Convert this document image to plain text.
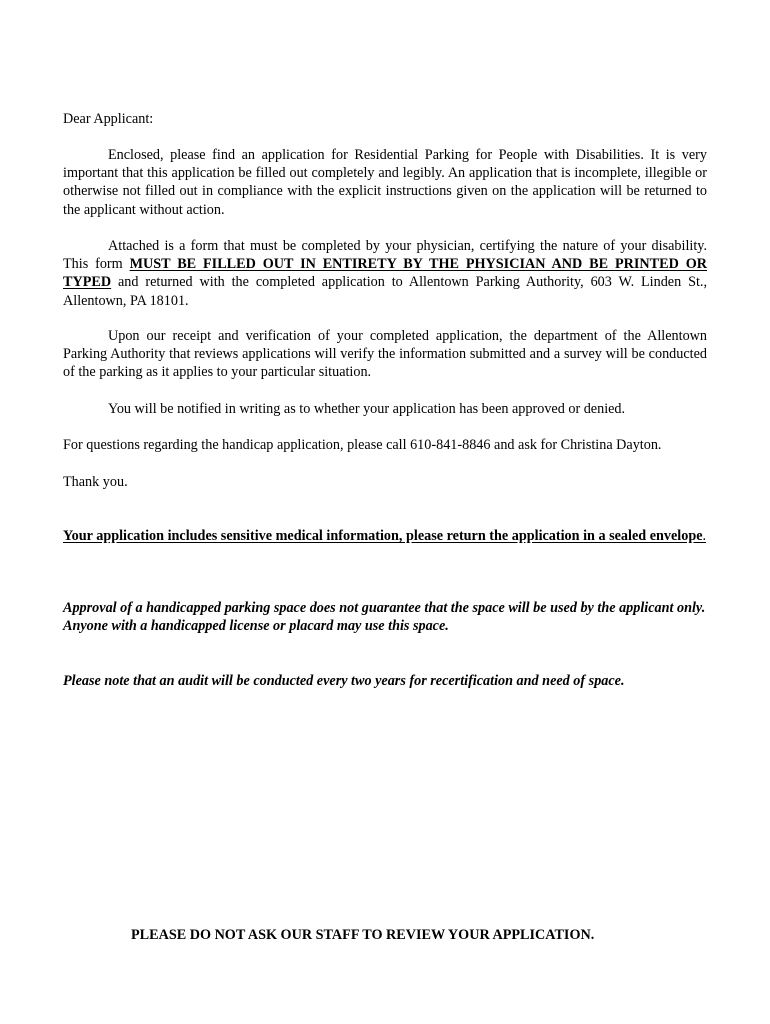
Dear Applicant:

Enclosed, please find an application for Residential Parking for People with Disabilities. It is very important that this application be filled out completely and legibly. An application that is incomplete, illegible or otherwise not filled out in compliance with the explicit instructions given on the application will be returned to the applicant without action.

Attached is a form that must be completed by your physician, certifying the nature of your disability. This form MUST BE FILLED OUT IN ENTIRETY BY THE PHYSICIAN AND BE PRINTED OR TYPED and returned with the completed application to Allentown Parking Authority, 603 W. Linden St., Allentown, PA 18101.

Upon our receipt and verification of your completed application, the department of the Allentown Parking Authority that reviews applications will verify the information submitted and a survey will be conducted of the parking as it applies to your particular situation.

You will be notified in writing as to whether your application has been approved or denied.

For questions regarding the handicap application, please call 610-841-8846 and ask for Christina Dayton.

Thank you.

Your application includes sensitive medical information, please return the application in a sealed envelope.

Approval of a handicapped parking space does not guarantee that the space will be used by the applicant only. Anyone with a handicapped license or placard may use this space.

Please note that an audit will be conducted every two years for recertification and need of space.

PLEASE DO NOT ASK OUR STAFF TO REVIEW YOUR APPLICATION.
